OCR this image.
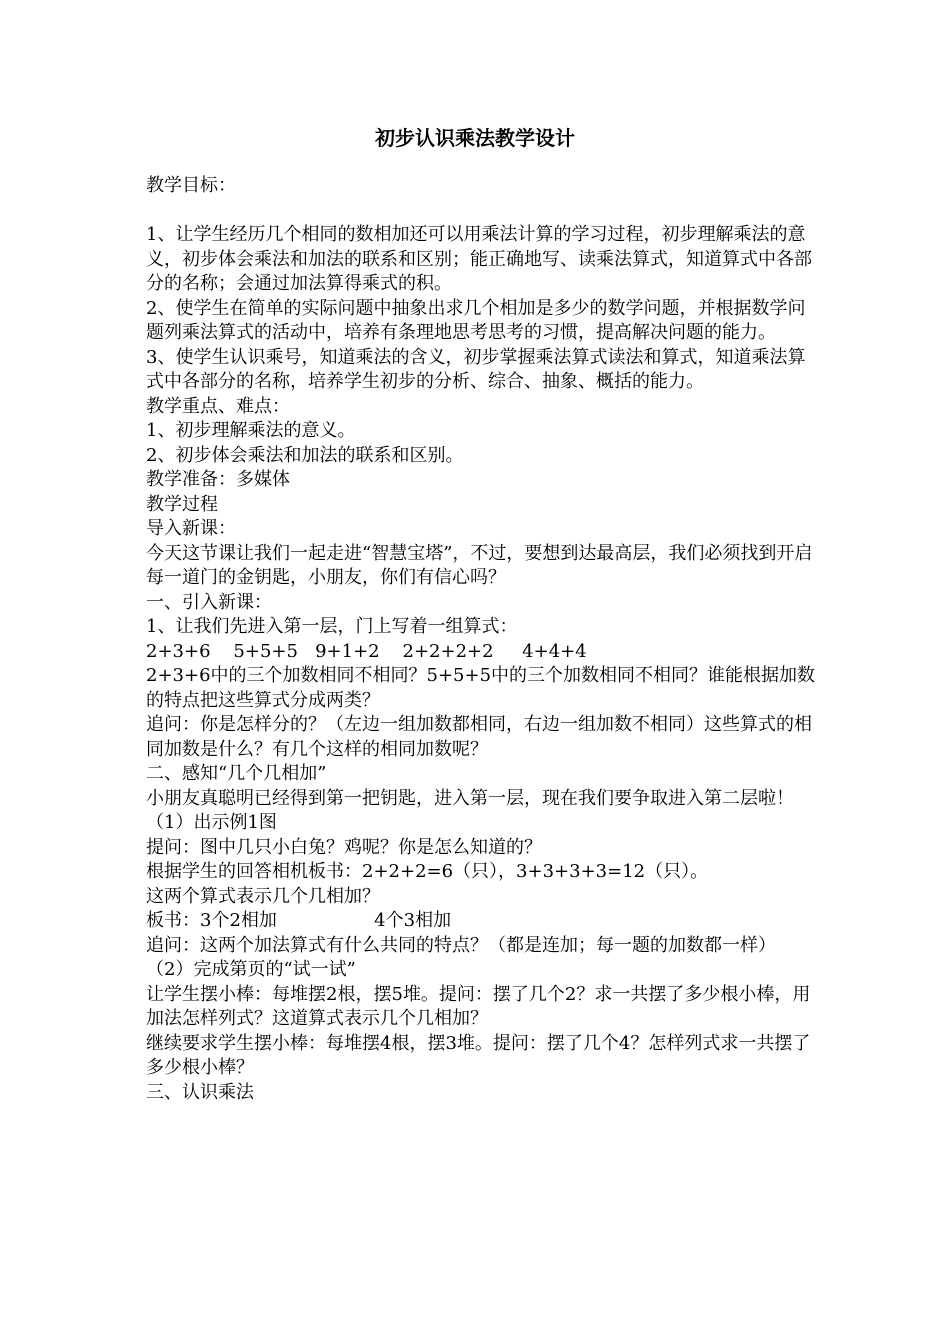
初步认识乘法教学设计

教学目标：

1、让学生经历几个相同的数相加还可以用乘法计算的学习过程，初步理解乘法的意义，初步体会乘法和加法的联系和区别；能正确地写、读乘法算式，知道算式中各部分的名称；会通过加法算得乘式的积。

2、使学生在简单的实际问题中抽象出求几个相加是多少的数学问题，并根据数学问题列乘法算式的活动中，培养有条理地思考思考的习惯，提高解决问题的能力。

3、使学生认识乘号，知道乘法的含义，初步掌握乘法算式读法和算式，知道乘法算式中各部分的名称，培养学生初步的分析、综合、抽象、概括的能力。

教学重点、难点：

1、初步理解乘法的意义。

2、初步体会乘法和加法的联系和区别。

教学准备：多媒体

教学过程

导入新课：

今天这节课让我们一起走进“智慧宝塔”，不过，要想到达最高层，我们必须找到开启每一道门的金钥匙，小朋友，你们有信心吗？

一、引入新课：

1、让我们先进入第一层，门上写着一组算式：

2+3+6    5+5+5   9+1+2    2+2+2+2     4+4+4

2+3+6中的三个加数相同不相同？5+5+5中的三个加数相同不相同？谁能根据加数的特点把这些算式分成两类？

追问：你是怎样分的？（左边一组加数都相同，右边一组加数不相同）这些算式的相同加数是什么？有几个这样的相同加数呢？

二、感知“几个几相加”

小朋友真聪明已经得到第一把钥匙，进入第一层，现在我们要争取进入第二层啦！

（1）出示例1图

提问：图中几只小白兔？鸡呢？你是怎么知道的？

根据学生的回答相机板书：2+2+2=6（只），3+3+3+3=12（只）。

这两个算式表示几个几相加？

板书：3个2相加                 4个3相加

追问：这两个加法算式有什么共同的特点？（都是连加；每一题的加数都一样）

（2）完成第页的“试一试”

让学生摆小棒：每堆摆2根，摆5堆。提问：摆了几个2？求一共摆了多少根小棒，用加法怎样列式？这道算式表示几个几相加？

继续要求学生摆小棒：每堆摆4根，摆3堆。提问：摆了几个4？怎样列式求一共摆了多少根小棒？

三、认识乘法
